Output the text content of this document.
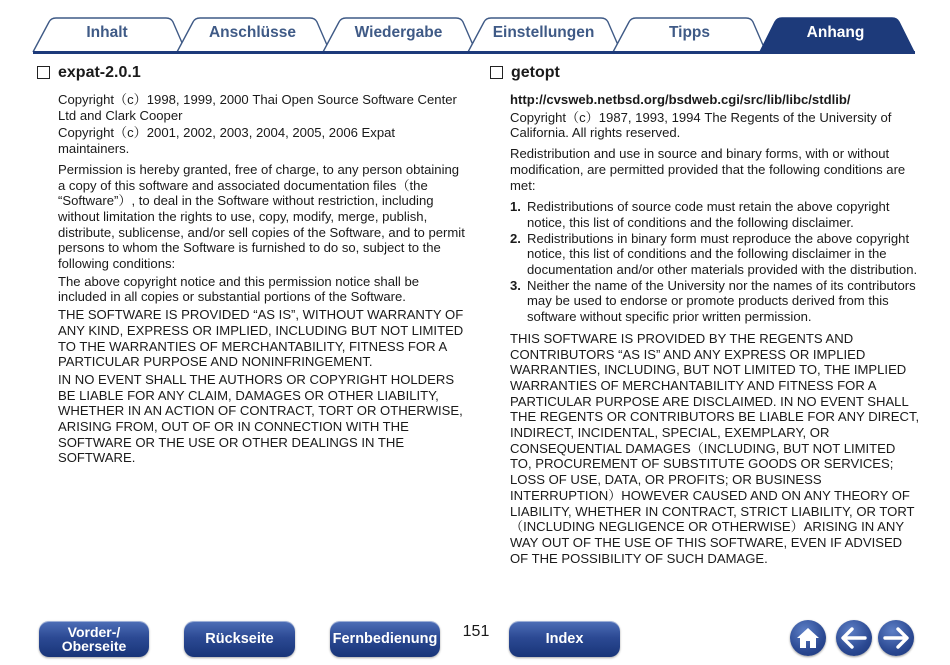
Inhalt	Anschlüsse	Wiedergabe	Einstellungen	Tipps	Anhang
expat-2.0.1

Copyright（c）1998, 1999, 2000 Thai Open Source Software Center Ltd and Clark Cooper

Copyright（c）2001, 2002, 2003, 2004, 2005, 2006 Expat maintainers.

Permission is hereby granted, free of charge, to any person obtaining a copy of this software and associated documentation files（the “Software”）, to deal in the Software without restriction, including without limitation the rights to use, copy, modify, merge, publish, distribute, sublicense, and/or sell copies of the Software, and to permit persons to whom the Software is furnished to do so, subject to the following conditions:

The above copyright notice and this permission notice shall be included in all copies or substantial portions of the Software.

THE SOFTWARE IS PROVIDED “AS IS”, WITHOUT WARRANTY OF ANY KIND, EXPRESS OR IMPLIED, INCLUDING BUT NOT LIMITED TO THE WARRANTIES OF MERCHANTABILITY, FITNESS FOR A PARTICULAR PURPOSE AND NONINFRINGEMENT.

IN NO EVENT SHALL THE AUTHORS OR COPYRIGHT HOLDERS BE LIABLE FOR ANY CLAIM, DAMAGES OR OTHER LIABILITY, WHETHER IN AN ACTION OF CONTRACT, TORT OR OTHERWISE, ARISING FROM, OUT OF OR IN CONNECTION WITH THE SOFTWARE OR THE USE OR OTHER DEALINGS IN THE SOFTWARE.

getopt

http://cvsweb.netbsd.org/bsdweb.cgi/src/lib/libc/stdlib/

Copyright（c）1987, 1993, 1994 The Regents of the University of California. All rights reserved.

Redistribution and use in source and binary forms, with or without modification, are permitted provided that the following conditions are met:

1. Redistributions of source code must retain the above copyright notice, this list of conditions and the following disclaimer.
2. Redistributions in binary form must reproduce the above copyright notice, this list of conditions and the following disclaimer in the documentation and/or other materials provided with the distribution.
3. Neither the name of the University nor the names of its contributors may be used to endorse or promote products derived from this software without specific prior written permission.

THIS SOFTWARE IS PROVIDED BY THE REGENTS AND CONTRIBUTORS “AS IS” AND ANY EXPRESS OR IMPLIED WARRANTIES, INCLUDING, BUT NOT LIMITED TO, THE IMPLIED WARRANTIES OF MERCHANTABILITY AND FITNESS FOR A PARTICULAR PURPOSE ARE DISCLAIMED. IN NO EVENT SHALL THE REGENTS OR CONTRIBUTORS BE LIABLE FOR ANY DIRECT, INDIRECT, INCIDENTAL, SPECIAL, EXEMPLARY, OR CONSEQUENTIAL DAMAGES（INCLUDING, BUT NOT LIMITED TO, PROCUREMENT OF SUBSTITUTE GOODS OR SERVICES; LOSS OF USE, DATA, OR PROFITS; OR BUSINESS INTERRUPTION）HOWEVER CAUSED AND ON ANY THEORY OF LIABILITY, WHETHER IN CONTRACT, STRICT LIABILITY, OR TORT（INCLUDING NEGLIGENCE OR OTHERWISE）ARISING IN ANY WAY OUT OF THE USE OF THIS SOFTWARE, EVEN IF ADVISED OF THE POSSIBILITY OF SUCH DAMAGE.

Vorder-/
Oberseite	Rückseite	Fernbedienung	151	Index
